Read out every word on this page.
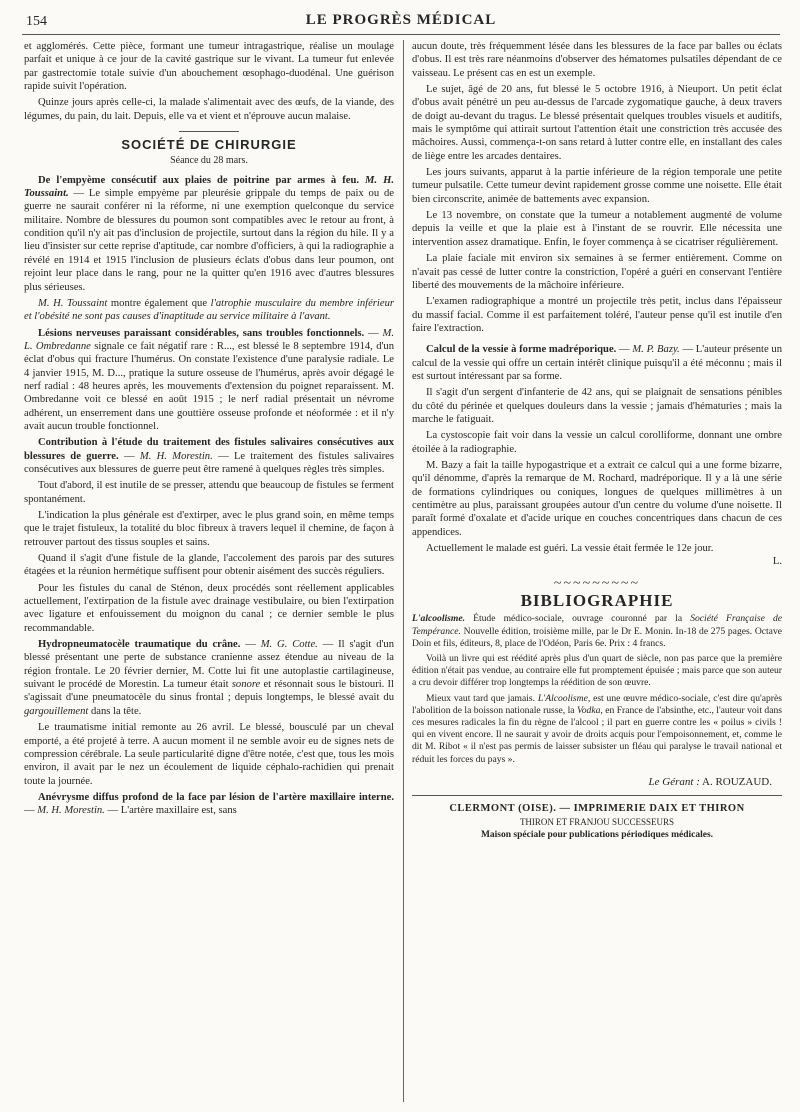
154	LE PROGRÈS MÉDICAL

et agglomérés. Cette pièce, formant une tumeur intragastrique, réalise un moulage parfait et unique à ce jour de la cavité gastrique sur le vivant. La tumeur fut enlevée par gastrectomie totale suivie d'un abouchement œsophago-duodénal. Une guérison rapide suivit l'opération.

Quinze jours après celle-ci, la malade s'alimentait avec des œufs, de la viande, des légumes, du pain, du lait. Depuis, elle va et vient et n'éprouve aucun malaise.

SOCIÉTÉ DE CHIRURGIE

Séance du 28 mars.

De l'empyème consécutif aux plaies de poitrine par armes à feu. M. H. Toussaint. — Le simple empyème par pleurésie grippale du temps de paix ou de guerre ne saurait conférer ni la réforme, ni une exemption quelconque du service militaire. Nombre de blessures du poumon sont compatibles avec le retour au front, à condition qu'il n'y ait pas d'inclusion de projectile, surtout dans la région du hile. Il y a lieu d'insister sur cette reprise d'aptitude, car nombre d'officiers, à qui la radiographie a révélé en 1914 et 1915 l'inclusion de plusieurs éclats d'obus dans leur poumon, ont rejoint leur place dans le rang, pour ne la quitter qu'en 1916 avec d'autres blessures plus sérieuses.

M. H. Toussaint montre également que l'atrophie musculaire du membre inférieur et l'obésité ne sont pas causes d'inaptitude au service militaire à l'avant.

Lésions nerveuses paraissant considérables, sans troubles fonctionnels. — M. L. Ombredanne signale ce fait négatif rare : R..., est blessé le 8 septembre 1914, d'un éclat d'obus qui fracture l'humérus. On constate l'existence d'une paralysie radiale. Le 4 janvier 1915, M. D..., pratique la suture osseuse de l'humérus, après avoir dégagé le nerf radial : 48 heures après, les mouvements d'extension du poignet reparaissent. M. Ombredanne voit ce blessé en août 1915 ; le nerf radial présentait un névrome adhérent, un enserrement dans une gouttière osseuse profonde et néoformée : et il n'y avait aucun trouble fonctionnel.

Contribution à l'étude du traitement des fistules salivaires consécutives aux blessures de guerre. — M. H. Morestin. — Le traitement des fistules salivaires consécutives aux blessures de guerre peut être ramené à quelques règles très simples.

Tout d'abord, il est inutile de se presser, attendu que beaucoup de fistules se ferment spontanément.

L'indication la plus générale est d'extirper, avec le plus grand soin, en même temps que le trajet fistuleux, la totalité du bloc fibreux à travers lequel il chemine, de façon à retrouver partout des tissus souples et sains.

Quand il s'agit d'une fistule de la glande, l'accolement des parois par des sutures étagées et la réunion hermétique suffisent pour obtenir aisément des succès réguliers.

Pour les fistules du canal de Sténon, deux procédés sont réellement applicables actuellement, l'extirpation de la fistule avec drainage vestibulaire, ou bien l'extirpation avec ligature et enfouissement du moignon du canal ; ce dernier semble le plus recommandable.

Hydropneumatocèle traumatique du crâne. — M. G. Cotte. — Il s'agit d'un blessé présentant une perte de substance cranienne assez étendue au niveau de la région frontale. Le 20 février dernier, M. Cotte lui fit une autoplastie cartilagineuse, suivant le procédé de Morestin. La tumeur était sonore et résonnait sous le bistouri. Il s'agissait d'une pneumatocèle du sinus frontal ; depuis longtemps, le blessé avait du gargouillement dans la tête.

Le traumatisme initial remonte au 26 avril. Le blessé, bousculé par un cheval emporté, a été projeté à terre. A aucun moment il ne semble avoir eu de signes nets de compression cérébrale. La seule particularité digne d'être notée, c'est que, tous les mois environ, il avait par le nez un écoulement de liquide céphalo-rachidien qui prenait toute la journée.

Anévrysme diffus profond de la face par lésion de l'artère maxillaire interne. — M. H. Morestin. — L'artère maxillaire est, sans

aucun doute, très fréquemment lésée dans les blessures de la face par balles ou éclats d'obus. Il est très rare néanmoins d'observer des hématomes pulsatiles dépendant de ce vaisseau. Le présent cas en est un exemple.

Le sujet, âgé de 20 ans, fut blessé le 5 octobre 1916, à Nieuport. Un petit éclat d'obus avait pénétré un peu au-dessus de l'arcade zygomatique gauche, à deux travers de doigt au-devant du tragus. Le blessé présentait quelques troubles visuels et auditifs, mais le symptôme qui attirait surtout l'attention était une constriction très accusée des mâchoires. Aussi, commença-t-on sans retard à lutter contre elle, en installant des cales de liège entre les arcades dentaires.

Les jours suivants, apparut à la partie inférieure de la région temporale une petite tumeur pulsatile. Cette tumeur devint rapidement grosse comme une noisette. Elle était bien circonscrite, animée de battements avec expansion.

Le 13 novembre, on constate que la tumeur a notablement augmenté de volume depuis la veille et que la plaie est à l'instant de se rouvrir. Elle nécessita une intervention assez dramatique. Enfin, le foyer commença à se cicatriser régulièrement.

La plaie faciale mit environ six semaines à se fermer entièrement. Comme on n'avait pas cessé de lutter contre la constriction, l'opéré a guéri en conservant l'entière liberté des mouvements de la mâchoire inférieure.

L'examen radiographique a montré un projectile très petit, inclus dans l'épaisseur du massif facial. Comme il est parfaitement toléré, l'auteur pense qu'il est inutile d'en faire l'extraction.

Calcul de la vessie à forme madréporique. — M. P. Bazy. — L'auteur présente un calcul de la vessie qui offre un certain intérêt clinique puisqu'il a été méconnu ; mais il est surtout intéressant par sa forme.

Il s'agit d'un sergent d'infanterie de 42 ans, qui se plaignait de sensations pénibles du côté du périnée et quelques douleurs dans la vessie ; jamais d'hématuries ; mais la marche le fatiguait.

La cystoscopie fait voir dans la vessie un calcul corolliforme, donnant une ombre étoilée à la radiographie.

M. Bazy a fait la taille hypogastrique et a extrait ce calcul qui a une forme bizarre, qu'il dénomme, d'après la remarque de M. Rochard, madréporique. Il y a là une série de formations cylindriques ou coniques, longues de quelques millimètres à un centimètre au plus, paraissant groupées autour d'un centre du volume d'une noisette. Il paraît formé d'oxalate et d'acide urique en couches concentriques dans chacun de ces appendices.

Actuellement le malade est guéri. La vessie était fermée le 12e jour.

L.

~~~~~~~~~

BIBLIOGRAPHIE

L'alcoolisme. Étude médico-sociale, ouvrage couronné par la Société Française de Tempérance. Nouvelle édition, troisième mille, par le Dr E. Monin. In-18 de 275 pages. Octave Doin et fils, éditeurs, 8, place de l'Odéon, Paris 6e. Prix : 4 francs.

Voilà un livre qui est réédité après plus d'un quart de siècle, non pas parce que la première édition n'était pas vendue, au contraire elle fut promptement épuisée ; mais parce que son auteur a cru devoir différer trop longtemps la réédition de son œuvre.

Mieux vaut tard que jamais. L'Alcoolisme, est une œuvre médico-sociale, c'est dire qu'après l'abolition de la boisson nationale russe, la Vodka, en France de l'absinthe, etc., l'auteur voit dans ces mesures radicales la fin du règne de l'alcool ; il part en guerre contre les « poilus » civils ! qui en vivent encore. Il ne saurait y avoir de droits acquis pour l'empoisonnement, et, comme le dit M. Ribot « il n'est pas permis de laisser subsister un fléau qui paralyse le travail national et réduit les forces du pays ».

Le Gérant : A. ROUZAUD.

CLERMONT (OISE). — IMPRIMERIE DAIX ET THIRON
THIRON ET FRANJOU SUCCESSEURS
Maison spéciale pour publications périodiques médicales.
